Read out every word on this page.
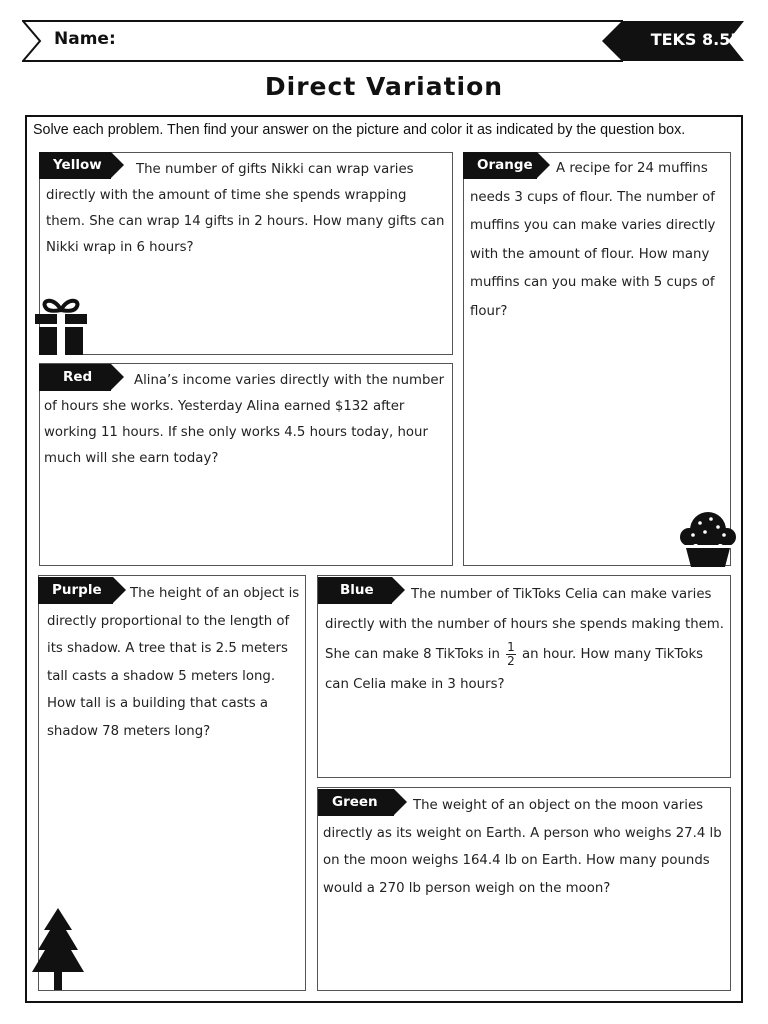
Name:	TEKS 8.5E
Direct Variation
Solve each problem. Then find your answer on the picture and color it as indicated by the question box.
Yellow	The number of gifts Nikki can wrap varies directly with the amount of time she spends wrapping them. She can wrap 14 gifts in 2 hours. How many gifts can Nikki wrap in 6 hours?
Orange	A recipe for 24 muffins needs 3 cups of flour. The number of muffins you can make varies directly with the amount of flour. How many muffins can you make with 5 cups of flour?
Red	Alina’s income varies directly with the number of hours she works. Yesterday Alina earned $132 after working 11 hours. If she only works 4.5 hours today, hour much will she earn today?
Purple	The height of an object is directly proportional to the length of its shadow. A tree that is 2.5 meters tall casts a shadow 5 meters long. How tall is a building that casts a shadow 78 meters long?
Blue	The number of TikToks Celia can make varies directly with the number of hours she spends making them. She can make 8 TikToks in $\frac{1}{2}$ an hour. How many TikToks can Celia make in 3 hours?
Green	The weight of an object on the moon varies directly as its weight on Earth. A person who weighs 27.4 lb on the moon weighs 164.4 lb on Earth. How many pounds would a 270 lb person weigh on the moon?
